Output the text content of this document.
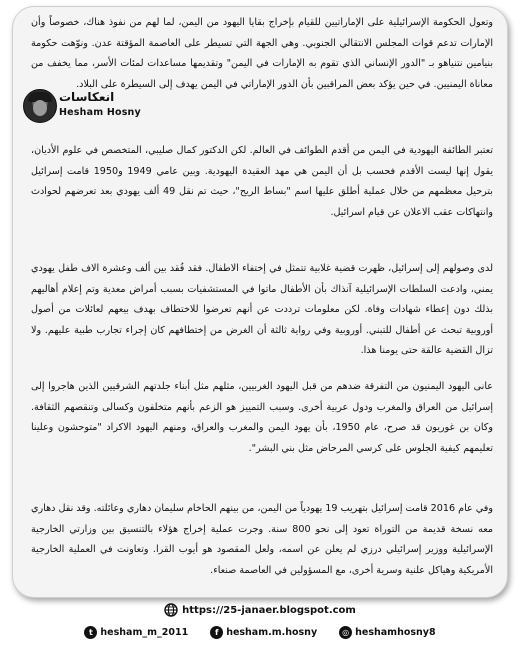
وتعول الحكومة الإسرائيلية على الإماراتيين للقيام بإخراج بقايا اليهود من اليمن، لما لهم من نفوذ هناك، خصوصاً وأن الإمارات تدعم قوات المجلس الانتقالي الجنوبي. وهي الجهة التي تسيطر على العاصمة المؤقتة عدن. ونوّهت حكومة بنيامين نتنياهو بـ "الدور الإنساني الذي تقوم به الإمارات في اليمن" وتقديمها مساعدات لمئات الأسر، مما يخفف من معاناة اليمنيين. في حين يؤكد بعض المراقبين بأن الدور الإماراتي في اليمن يهدف إلى السيطرة على البلاد.

انعكاسات
Hesham Hosny

تعتبر الطائفة اليهودية في اليمن من أقدم الطوائف في العالم. لكن الدكتور كمال صليبي، المتخصص في علوم الأديان، يقول إنها ليست الأقدم فحسب بل أن اليمن هي مهد العقيدة اليهودية. وبين عامي 1949 و1950 قامت إسرائيل بترحيل معظمهم من خلال عملية أطلق عليها اسم "بساط الريح"، حيث تم نقل 49 ألف يهودي بعد تعرضهم لحوادث وانتهاكات عقب الاعلان عن قيام اسرائيل.

لدى وصولهم إلى إسرائيل، ظهرت قضية غلابية تتمثل في إختفاء الاطفال. فقد فُقد بين ألف وعشرة الاف طفل يهودي يمني، وادعت السلطات الإسرائيلية آنذاك بأن الأطفال ماتوا في المستشفيات بسبب أمراض معدية وتم إعلام أهاليهم بذلك دون إعطاء شهادات وفاة. لكن معلومات ترددت عن أنهم تعرضوا للاختطاف بهدف بيعهم لعائلات من أصول أوروبية تبحث عن أطفال للتبني. أوروبية وفي رواية ثالثة أن الغرض من إختطافهم كان إجراء تجارب طبية عليهم. ولا تزال القضية عالقة حتى يومنا هذا.

عانى اليهود اليمنيون من التفرقة ضدهم من قبل اليهود الغربيين، مثلهم مثل أبناء جلدتهم الشرقيين الذين هاجروا إلى إسرائيل من العراق والمغرب ودول عربية أخرى. وسبب التمييز هو الزعم بأنهم متخلفون وكسالى وتنقصهم الثقافة. وكان بن غوريون قد صرح، عام 1950، بأن يهود اليمن والمغرب والعراق، ومنهم اليهود الاكراد "متوحشون وعلينا تعليمهم كيفية الجلوس على كرسي المرحاض مثل بني البشر".

وفي عام 2016 قامت إسرائيل بتهريب 19 يهودياً من اليمن، من بينهم الحاخام سليمان دهاري وعائلته. وقد نقل دهاري معه نسخة قديمة من التوراة تعود إلى نحو 800 سنة. وجرت عملية إخراج هؤلاء بالتنسيق بين وزارتي الخارجية الإسرائيلية ووزير إسرائيلي درزي لم يعلن عن اسمه، ولعل المقصود هو أيوب القرا. وتعاونت في العملية الخارجية الأمريكية وهياكل علنية وسرية أخرى، مع المسؤولين في العاصمة صنعاء.

https://25-janaer.blogspot.com
t hesham_m_2011	f hesham.m.hosny	◎ heshamhosny8
